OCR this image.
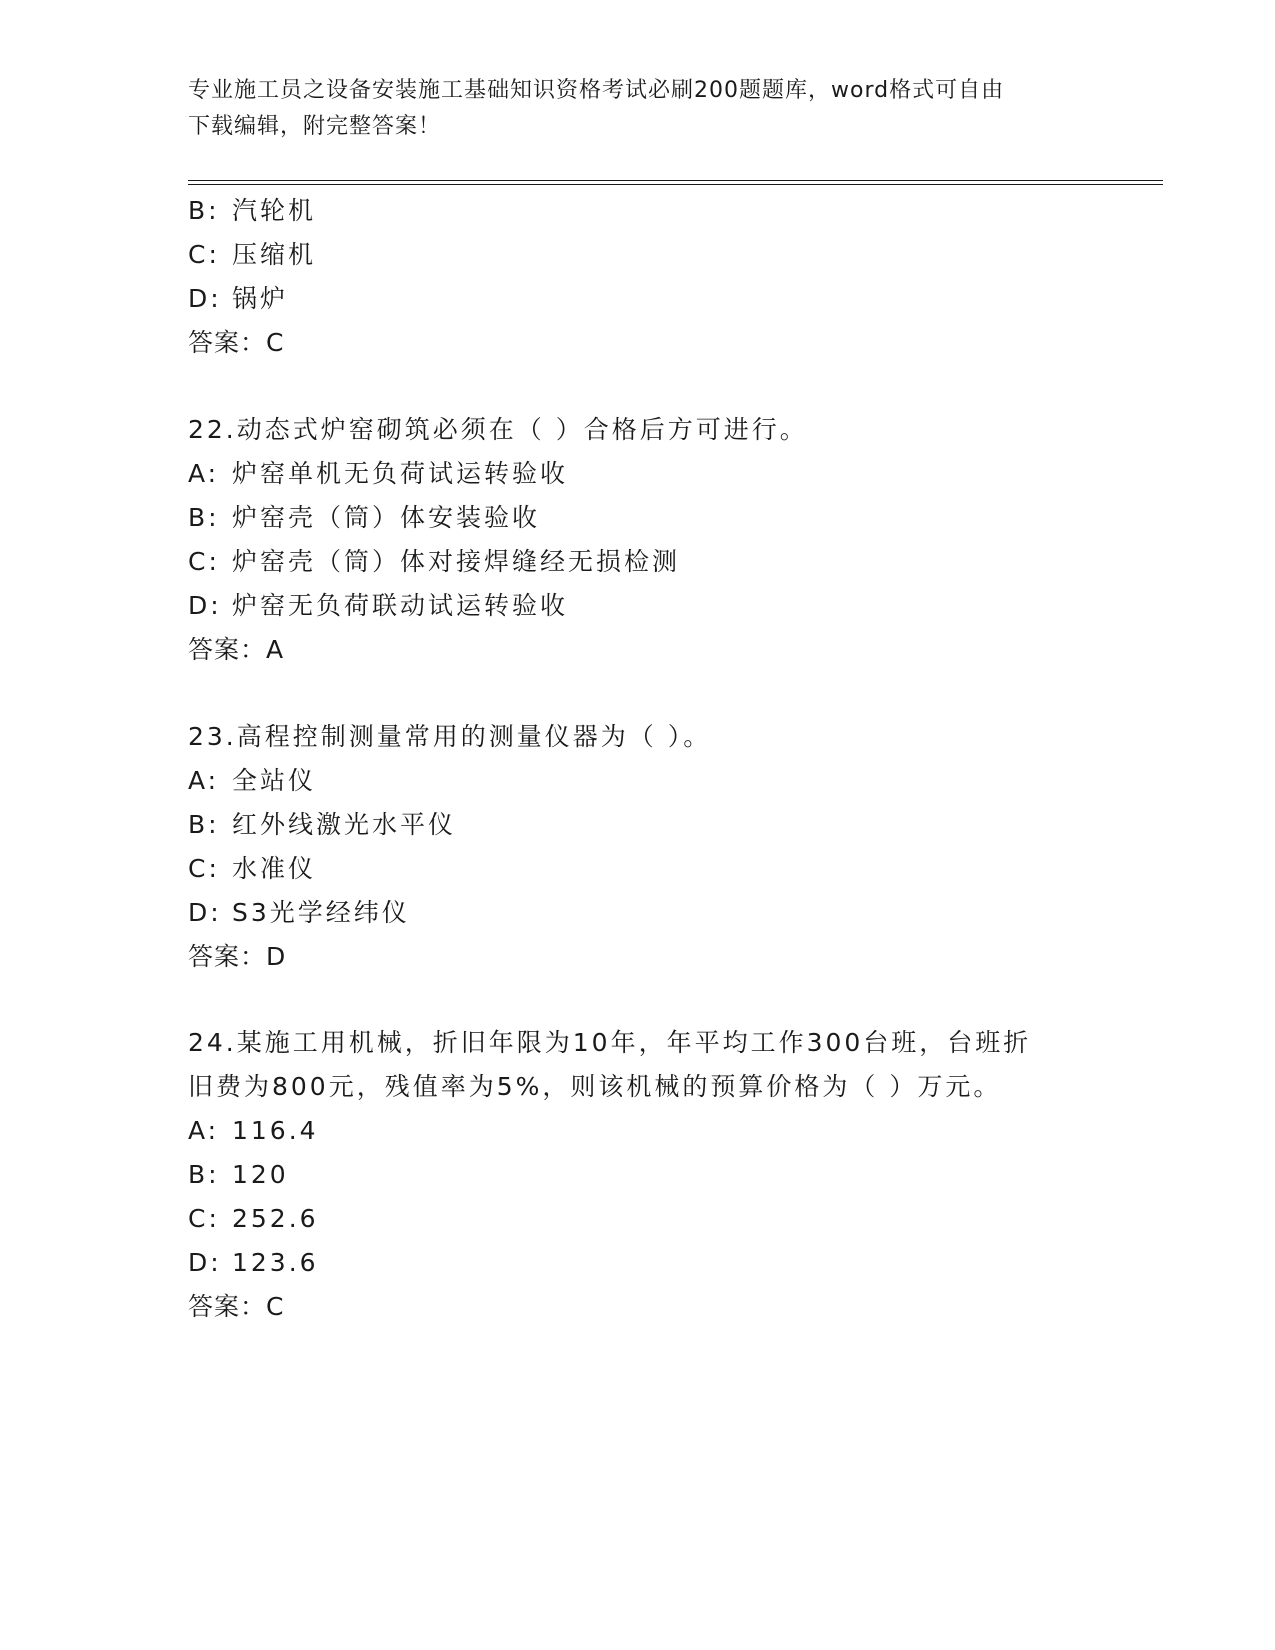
专业施工员之设备安装施工基础知识资格考试必刷200题题库，word格式可自由
下载编辑，附完整答案！
B: 汽轮机
C: 压缩机
D: 锅炉
答案：C
22.动态式炉窑砌筑必须在（ ）合格后方可进行。
A: 炉窑单机无负荷试运转验收
B: 炉窑壳（筒）体安装验收
C: 炉窑壳（筒）体对接焊缝经无损检测
D: 炉窑无负荷联动试运转验收
答案：A
23.高程控制测量常用的测量仪器为（ ）。
A: 全站仪
B: 红外线激光水平仪
C: 水准仪
D: S3光学经纬仪
答案：D
24.某施工用机械，折旧年限为10年，年平均工作300台班，台班折
旧费为800元，残值率为5%，则该机械的预算价格为（ ）万元。
A: 116.4
B: 120
C: 252.6
D: 123.6
答案：C
